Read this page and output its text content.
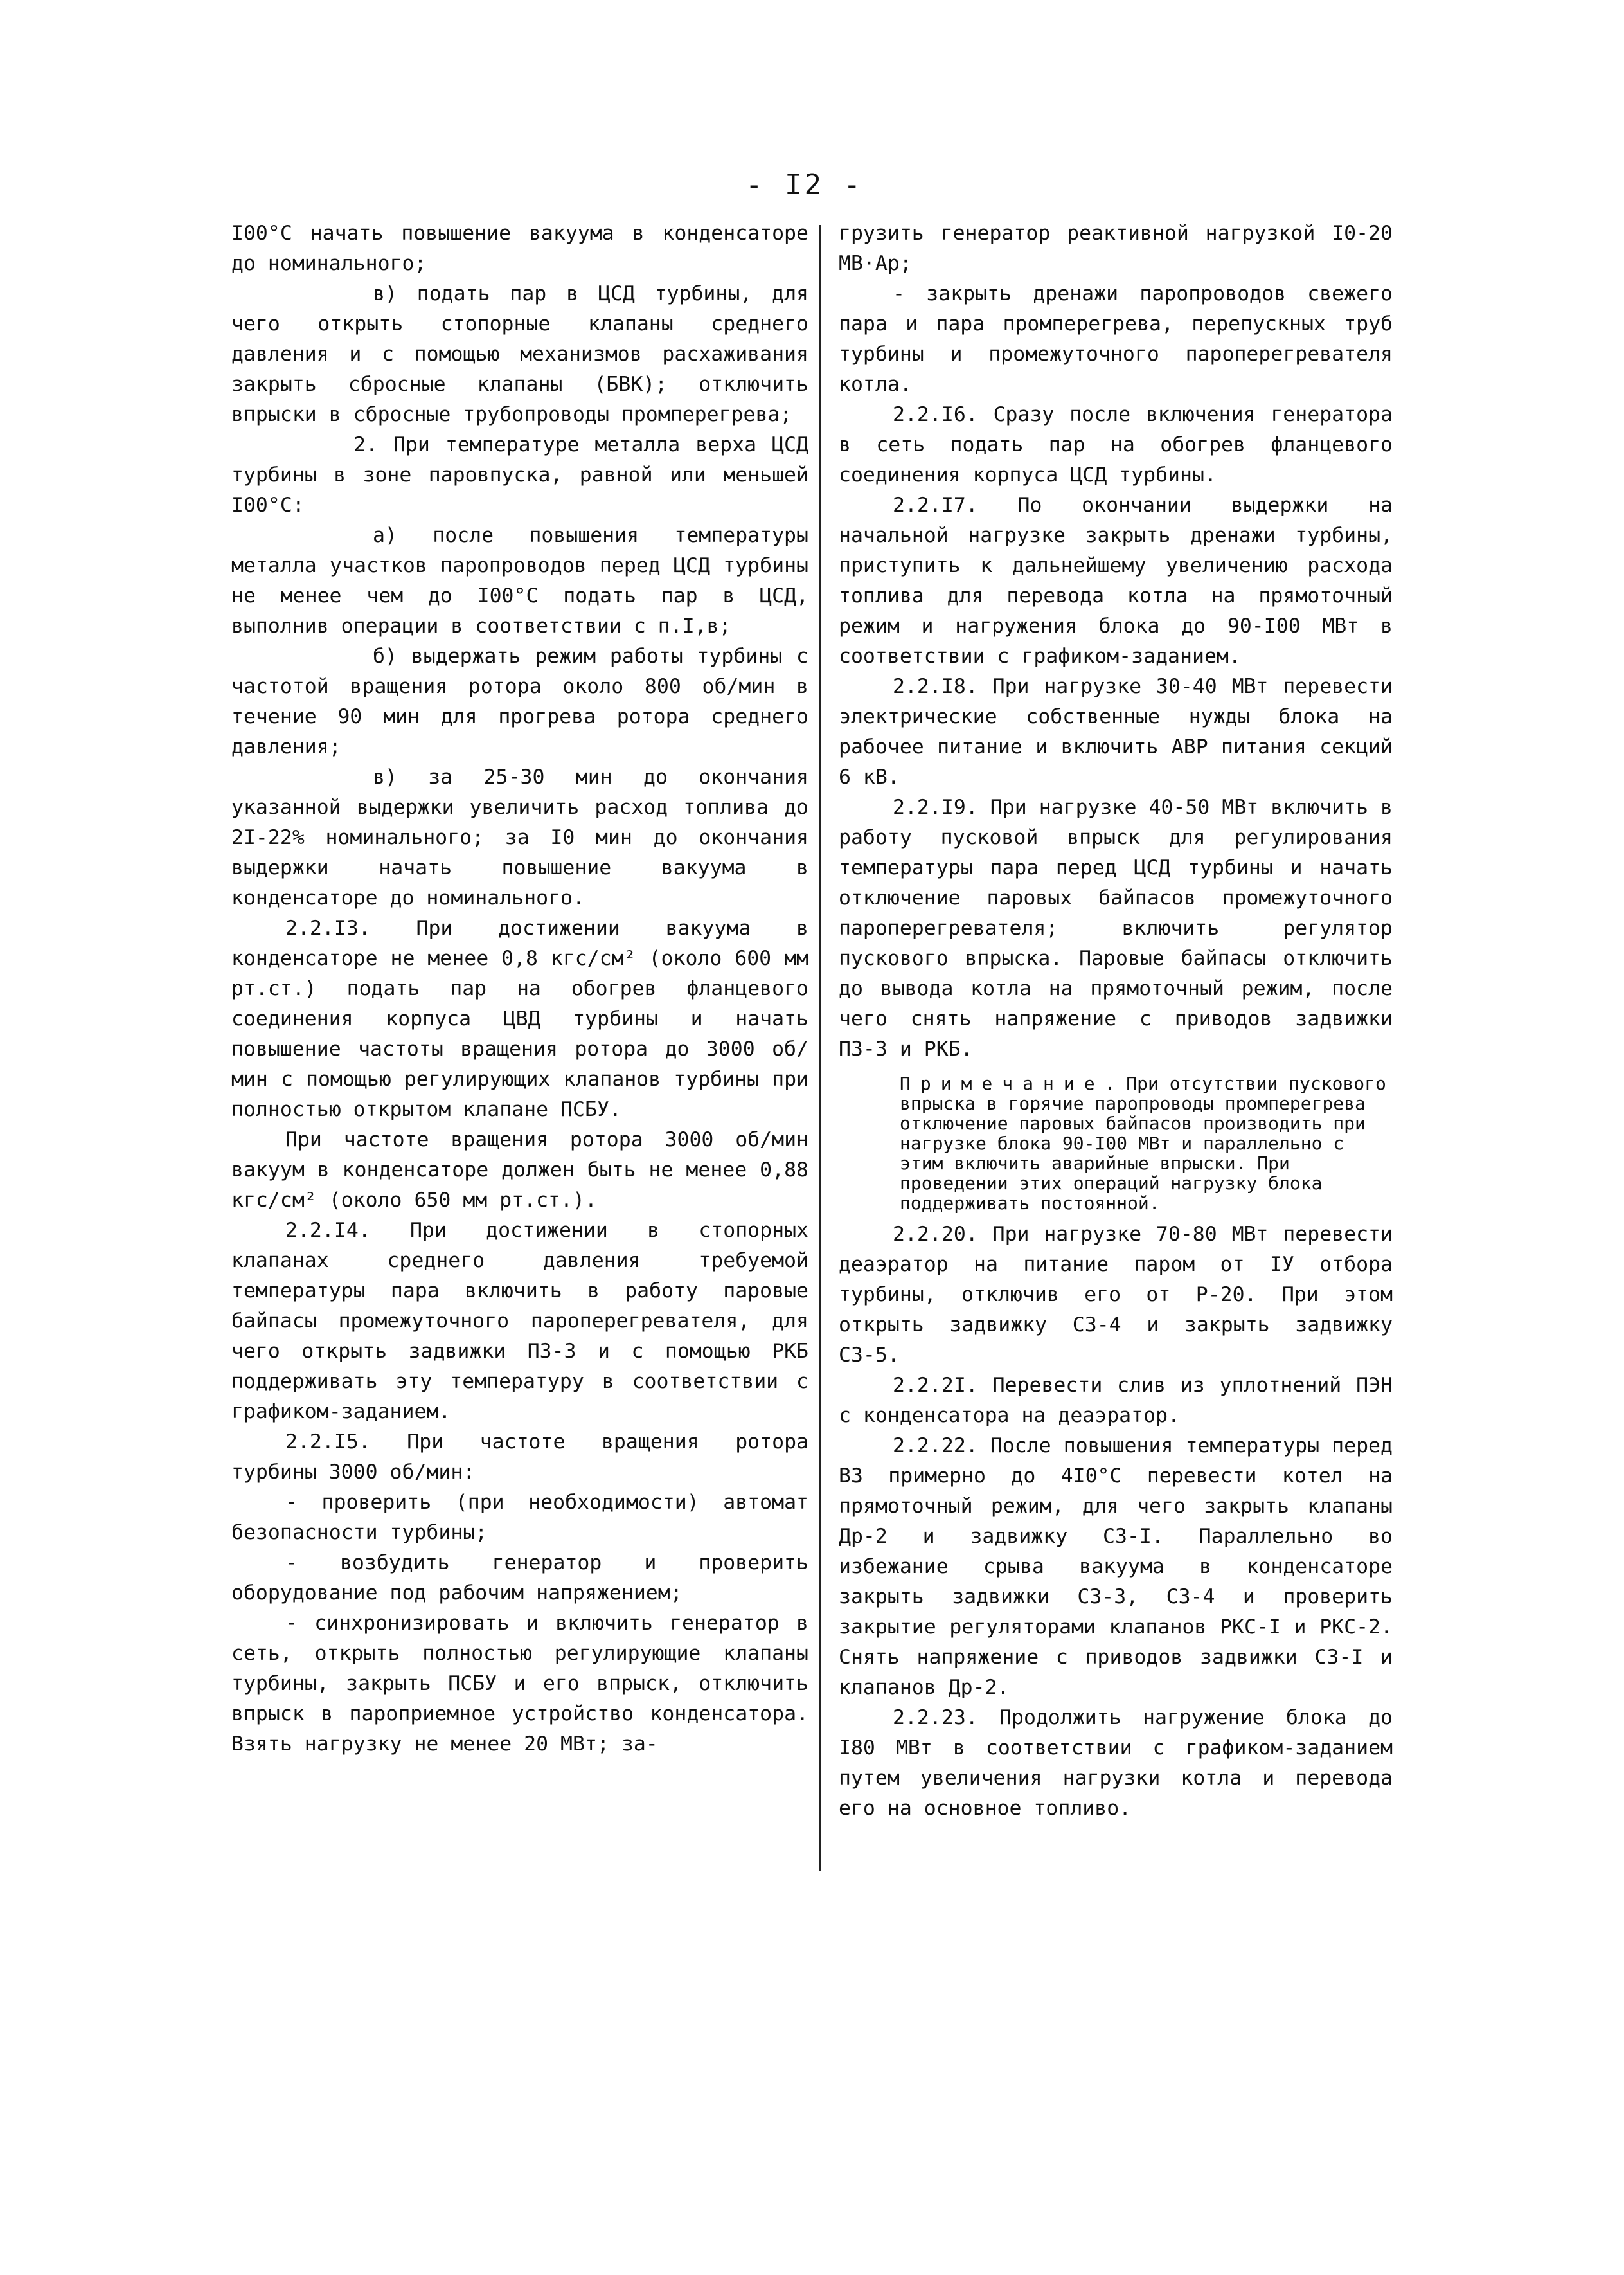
- I2 -

I00°С начать повышение вакуума в конденсаторе до номинального;

в) подать пар в ЦСД турбины, для чего открыть стопорные клапаны среднего давления и с помощью механизмов расхаживания закрыть сбросные клапаны (БВК); отключить впрыски в сбросные трубопроводы промперегрева;

2. При температуре металла верха ЦСД турбины в зоне паровпуска, равной или меньшей I00°С:

а) после повышения температуры металла участков паропроводов перед ЦСД турбины не менее чем до I00°С подать пар в ЦСД, выполнив операции в соответствии с п.I,в;

б) выдержать режим работы турбины с частотой вращения ротора около 800 об/мин в течение 90 мин для прогрева ротора среднего давления;

в) за 25-30 мин до окончания указанной выдержки увеличить расход топлива до 2I-22% номинального; за I0 мин до окончания выдержки начать повышение вакуума в конденсаторе до номинального.

2.2.I3. При достижении вакуума в конденсаторе не менее 0,8 кгс/см² (около 600 мм рт.ст.) подать пар на обогрев фланцевого соединения корпуса ЦВД турбины и начать повышение частоты вращения ротора до 3000 об/мин с помощью регулирующих клапанов турбины при полностью открытом клапане ПСБУ.

При частоте вращения ротора 3000 об/мин вакуум в конденсаторе должен быть не менее 0,88 кгс/см² (около 650 мм рт.ст.).

2.2.I4. При достижении в стопорных клапанах среднего давления требуемой температуры пара включить в работу паровые байпасы промежуточного пароперегревателя, для чего открыть задвижки ПЗ-3 и с помощью РКБ поддерживать эту температуру в соответствии с графиком-заданием.

2.2.I5. При частоте вращения ротора турбины 3000 об/мин:

- проверить (при необходимости) автомат безопасности турбины;

- возбудить генератор и проверить оборудование под рабочим напряжением;

- синхронизировать и включить генератор в сеть, открыть полностью регулирующие клапаны турбины, закрыть ПСБУ и его впрыск, отключить впрыск в пароприемное устройство конденсатора. Взять нагрузку не менее 20 МВт; за-

грузить генератор реактивной нагрузкой I0-20 МВ·Ар;

- закрыть дренажи паропроводов свежего пара и пара промперегрева, перепускных труб турбины и промежуточного пароперегревателя котла.

2.2.I6. Сразу после включения генератора в сеть подать пар на обогрев фланцевого соединения корпуса ЦСД турбины.

2.2.I7. По окончании выдержки на начальной нагрузке закрыть дренажи турбины, приступить к дальнейшему увеличению расхода топлива для перевода котла на прямоточный режим и нагружения блока до 90-I00 МВт в соответствии с графиком-заданием.

2.2.I8. При нагрузке 30-40 МВт перевести электрические собственные нужды блока на рабочее питание и включить АВР питания секций 6 кВ.

2.2.I9. При нагрузке 40-50 МВт включить в работу пусковой впрыск для регулирования температуры пара перед ЦСД турбины и начать отключение паровых байпасов промежуточного пароперегревателя; включить регулятор пускового впрыска. Паровые байпасы отключить до вывода котла на прямоточный режим, после чего снять напряжение с приводов задвижки ПЗ-3 и РКБ.

Примечание. При отсутствии пускового впрыска в горячие паропроводы промперегрева отключение паровых байпасов производить при нагрузке блока 90-I00 МВт и параллельно с этим включить аварийные впрыски. При проведении этих операций нагрузку блока поддерживать постоянной.

2.2.20. При нагрузке 70-80 МВт перевести деаэратор на питание паром от IУ отбора турбины, отключив его от Р-20. При этом открыть задвижку СЗ-4 и закрыть задвижку СЗ-5.

2.2.2I. Перевести слив из уплотнений ПЭН с конденсатора на деаэратор.

2.2.22. После повышения температуры перед ВЗ примерно до 4I0°С перевести котел на прямоточный режим, для чего закрыть клапаны Др-2 и задвижку СЗ-I. Параллельно во избежание срыва вакуума в конденсаторе закрыть задвижки СЗ-3, СЗ-4 и проверить закрытие регуляторами клапанов РКС-I и РКС-2. Снять напряжение с приводов задвижки СЗ-I и клапанов Др-2.

2.2.23. Продолжить нагружение блока до I80 МВт в соответствии с графиком-заданием путем увеличения нагрузки котла и перевода его на основное топливо.
